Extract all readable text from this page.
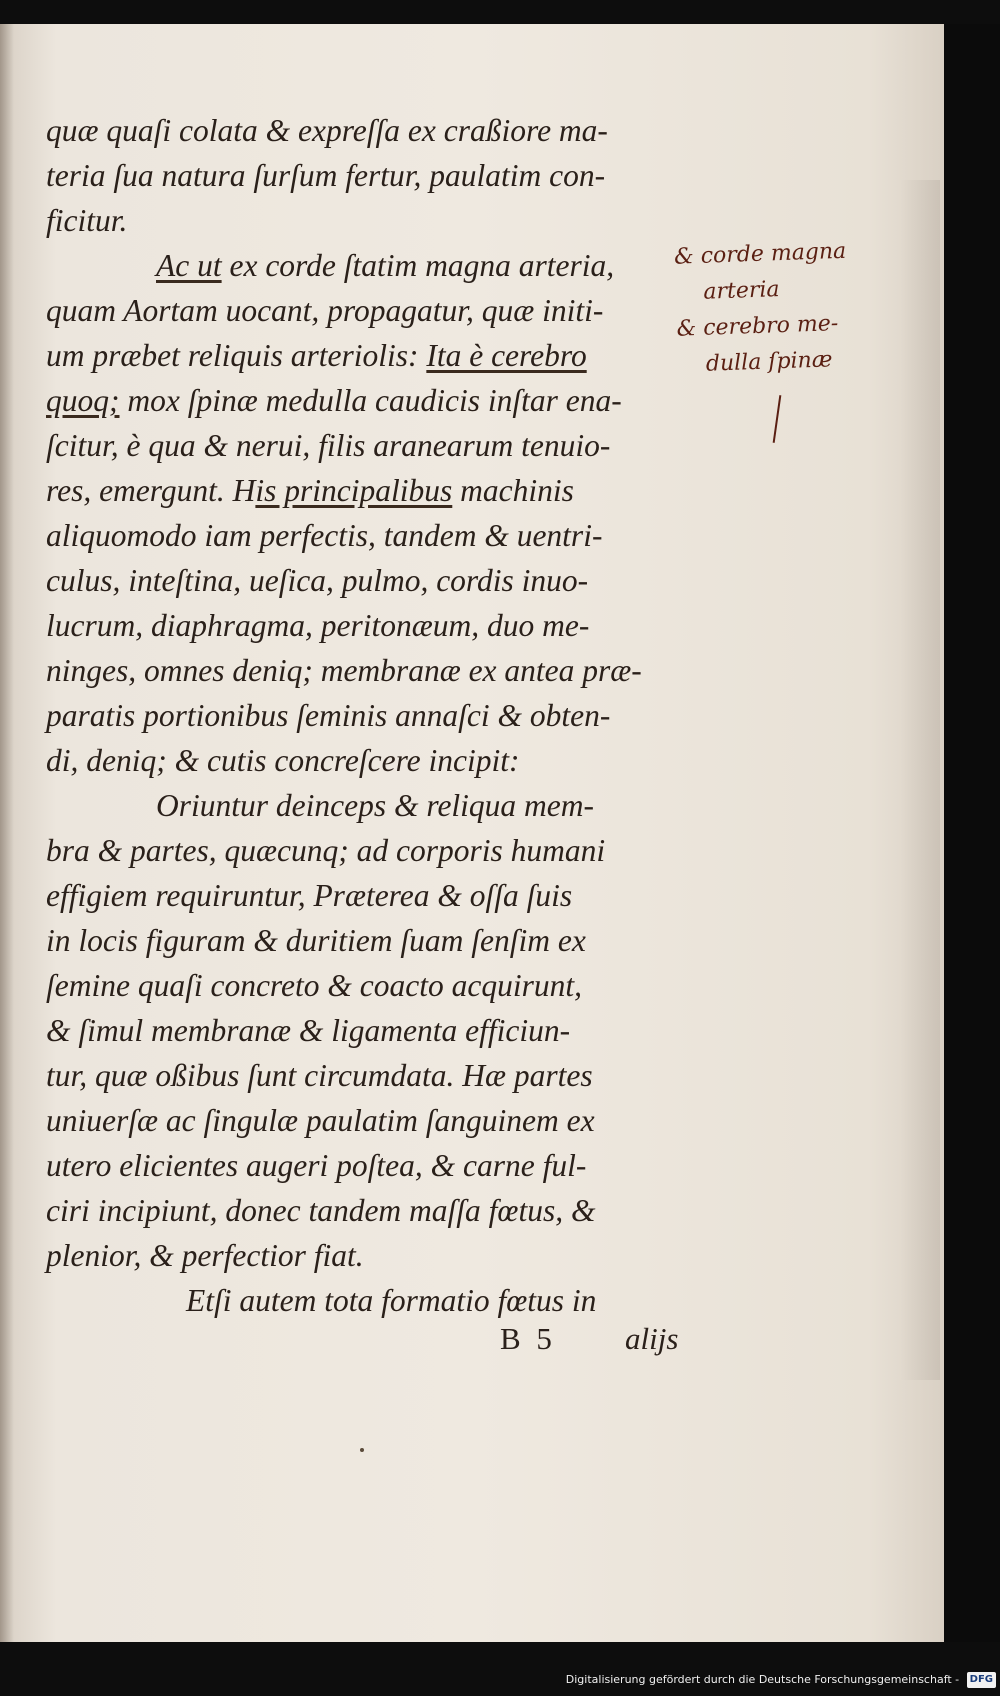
quæ quaſi colata & expreſſa ex craßiore ma-
teria ſua natura ſurſum fertur, paulatim con-
ficitur.
Ac ut ex corde ſtatim magna arteria,
quam Aortam uocant, propagatur, quæ initi-
um præbet reliquis arteriolis: Ita è cerebro
quoq; mox ſpinæ medulla caudicis inſtar ena-
ſcitur, è qua & nerui, filis aranearum tenuio-
res, emergunt. His principalibus machinis
aliquomodo iam perfectis, tandem & uentri-
culus, inteſtina, ueſica, pulmo, cordis inuo-
lucrum, diaphragma, peritonæum, duo me-
ninges, omnes deniq; membranæ ex antea præ-
paratis portionibus ſeminis annaſci & obten-
di, deniq; & cutis concreſcere incipit:
Oriuntur deinceps & reliqua mem-
bra & partes, quæcunq; ad corporis humani
effigiem requiruntur, Præterea & oſſa ſuis
in locis figuram & duritiem ſuam ſenſim ex
ſemine quaſi concreto & coacto acquirunt,
& ſimul membranæ & ligamenta efficiun-
tur, quæ oßibus ſunt circumdata. Hæ partes
uniuerſæ ac ſingulæ paulatim ſanguinem ex
utero elicientes augeri poſtea, & carne ful-
ciri incipiunt, donec tandem maſſa fœtus, &
plenior, & perfectior fiat.
Etſi autem tota formatio fœtus in
B 5 alijs
& corde magna
arteria
& cerebro me-
dulla ſpinæ
Digitalisierung gefördert durch die Deutsche Forschungsgemeinschaft - DFG
